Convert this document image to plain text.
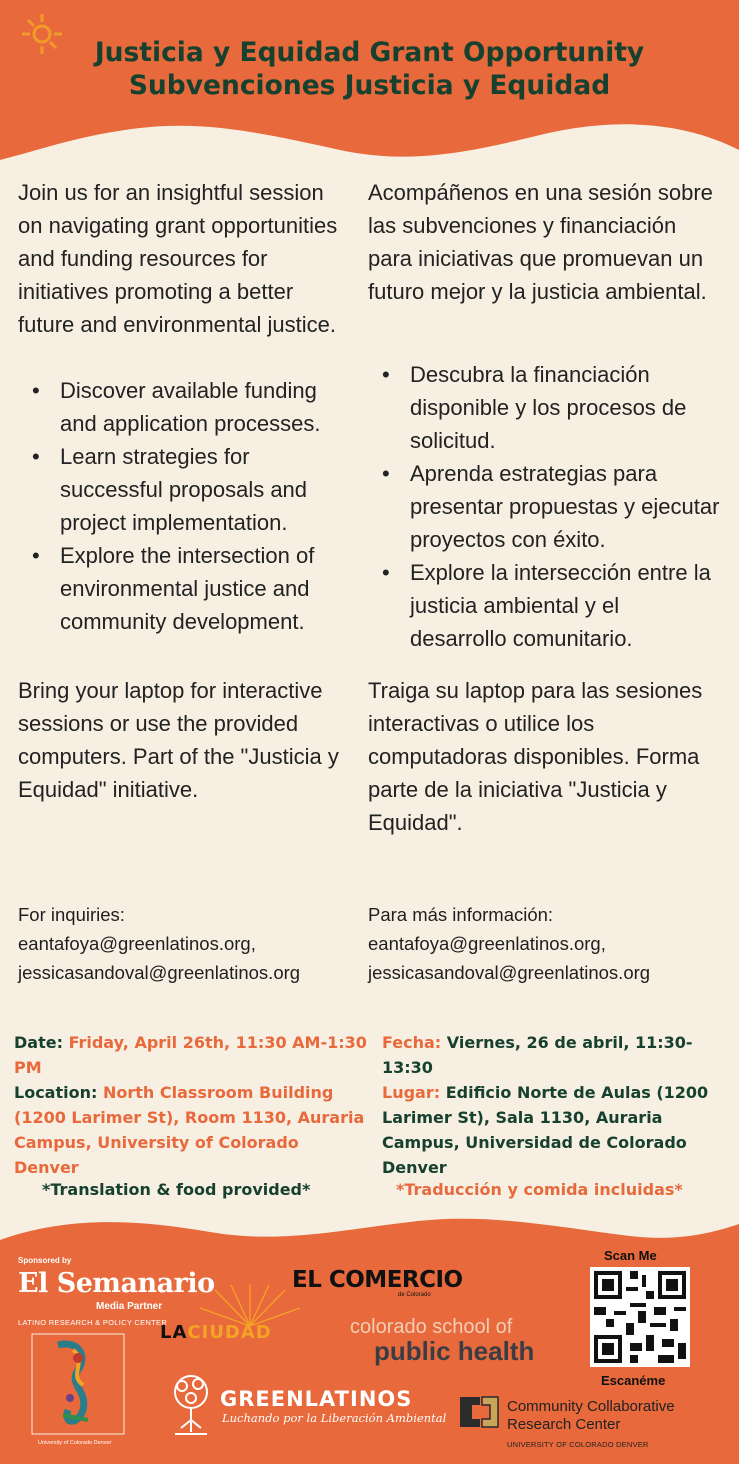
Justicia y Equidad Grant Opportunity
Subvenciones Justicia y Equidad

Join us for an insightful session on navigating grant opportunities and funding resources for initiatives promoting a better future and environmental justice.

• Discover available funding and application processes.
• Learn strategies for successful proposals and project implementation.
• Explore the intersection of environmental justice and community development.

Bring your laptop for interactive sessions or use the provided computers. Part of the "Justicia y Equidad" initiative.

For inquiries:
eantafoya@greenlatinos.org,
jessicasandoval@greenlatinos.org

Acompáñenos en una sesión sobre las subvenciones y financiación para iniciativas que promuevan un futuro mejor y la justicia ambiental.

• Descubra la financiación disponible y los procesos de solicitud.
• Aprenda estrategias para presentar propuestas y ejecutar proyectos con éxito.
• Explore la intersección entre la justicia ambiental y el desarrollo comunitario.

Traiga su laptop para las sesiones interactivas o utilice los computadoras disponibles. Forma parte de la iniciativa "Justicia y Equidad".

Para más información:
eantafoya@greenlatinos.org,
jessicasandoval@greenlatinos.org
Date: Friday, April 26th, 11:30 AM-1:30 PM
Location: North Classroom Building (1200 Larimer St), Room 1130, Auraria Campus, University of Colorado Denver
Fecha: Viernes, 26 de abril, 11:30-13:30
Lugar: Edificio Norte de Aulas (1200 Larimer St), Sala 1130, Auraria Campus, Universidad de Colorado Denver
*Translation & food provided*	*Traducción y comida incluidas*
Sponsored by
El Semanario
Media Partner
LATINO RESEARCH & POLICY CENTER
University of Colorado Denver
EL COMERCIO
de Colorado
LACIUDAD	colorado school of
public health
Scan Me
Escanéme
GREENLATINOS
Luchando por la Liberación Ambiental
Community Collaborative
Research Center
UNIVERSITY OF COLORADO DENVER
